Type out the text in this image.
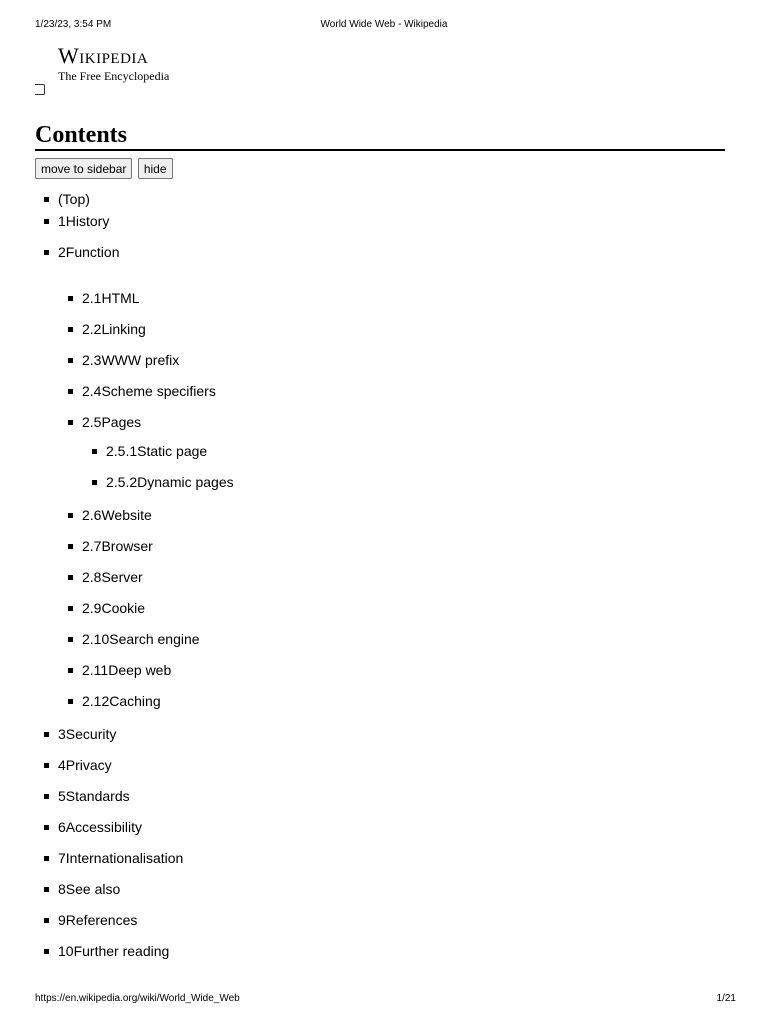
1/23/23, 3:54 PM	World Wide Web - Wikipedia
Wikipedia
The Free Encyclopedia
Contents
move to sidebar hide
(Top)
1History
2Function
2.1HTML
2.2Linking
2.3WWW prefix
2.4Scheme specifiers
2.5Pages
2.5.1Static page
2.5.2Dynamic pages
2.6Website
2.7Browser
2.8Server
2.9Cookie
2.10Search engine
2.11Deep web
2.12Caching
3Security
4Privacy
5Standards
6Accessibility
7Internationalisation
8See also
9References
10Further reading
https://en.wikipedia.org/wiki/World_Wide_Web	1/21
